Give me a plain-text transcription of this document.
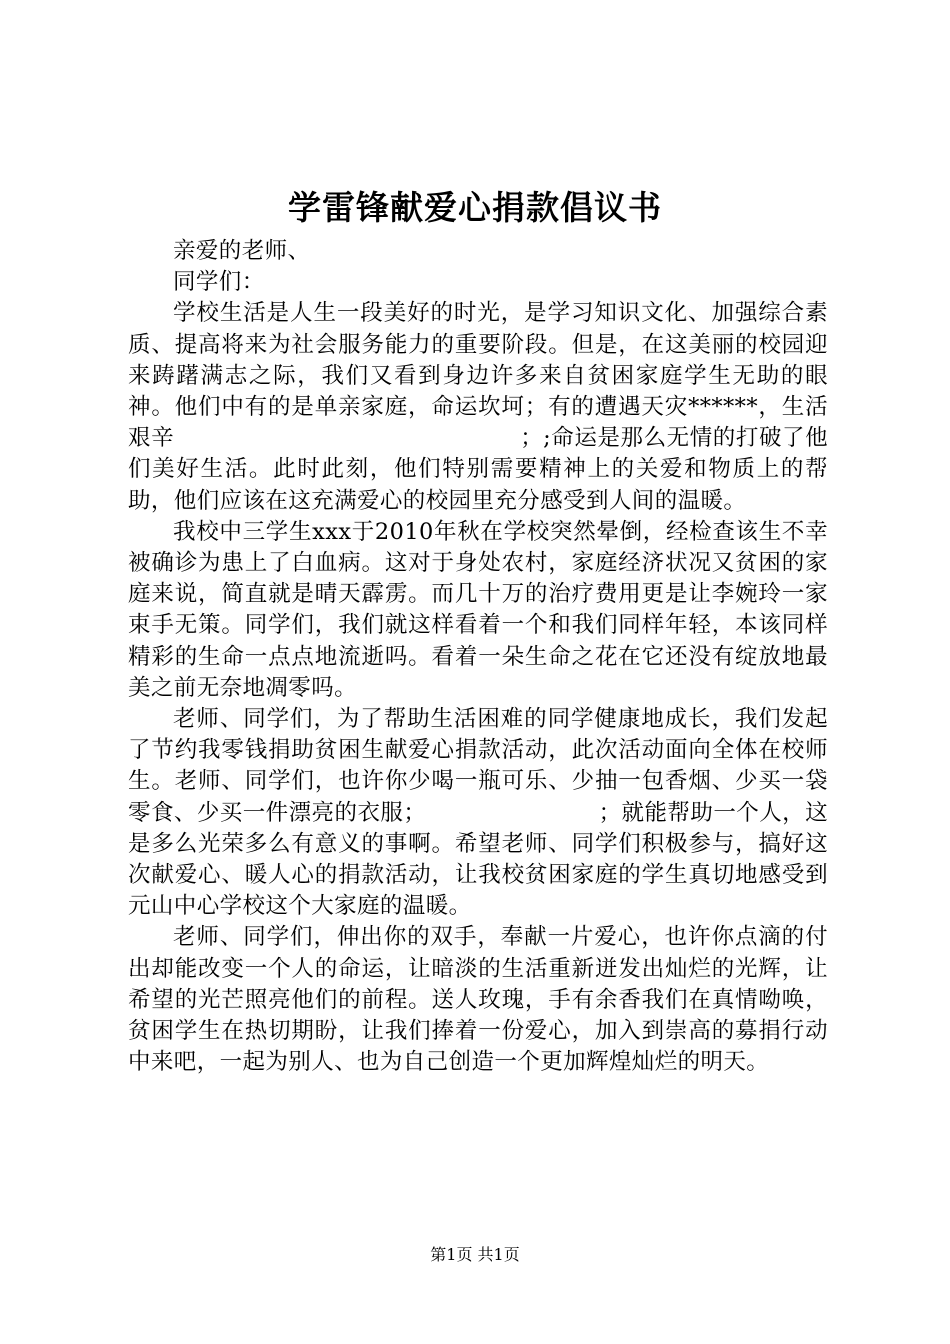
学雷锋献爱心捐款倡议书

亲爱的老师、

同学们：

学校生活是人生一段美好的时光，是学习知识文化、加强综合素质、提高将来为社会服务能力的重要阶段。但是，在这美丽的校园迎来踌躇满志之际，我们又看到身边许多来自贫困家庭学生无助的眼神。他们中有的是单亲家庭，命运坎坷；有的遭遇天灾******，生活艰辛　　　　　　　　　　　　　　　；;命运是那么无情的打破了他们美好生活。此时此刻，他们特别需要精神上的关爱和物质上的帮助，他们应该在这充满爱心的校园里充分感受到人间的温暖。

我校中三学生xxx于2010年秋在学校突然晕倒，经检查该生不幸被确诊为患上了白血病。这对于身处农村，家庭经济状况又贫困的家庭来说，简直就是晴天霹雳。而几十万的治疗费用更是让李婉玲一家束手无策。同学们，我们就这样看着一个和我们同样年轻，本该同样精彩的生命一点点地流逝吗。看着一朵生命之花在它还没有绽放地最美之前无奈地凋零吗。

老师、同学们，为了帮助生活困难的同学健康地成长，我们发起了节约我零钱捐助贫困生献爱心捐款活动，此次活动面向全体在校师生。老师、同学们，也许你少喝一瓶可乐、少抽一包香烟、少买一袋零食、少买一件漂亮的衣服；　　　　　　　　；就能帮助一个人，这是多么光荣多么有意义的事啊。希望老师、同学们积极参与，搞好这次献爱心、暖人心的捐款活动，让我校贫困家庭的学生真切地感受到元山中心学校这个大家庭的温暖。

老师、同学们，伸出你的双手，奉献一片爱心，也许你点滴的付出却能改变一个人的命运，让暗淡的生活重新迸发出灿烂的光辉，让希望的光芒照亮他们的前程。送人玫瑰，手有余香我们在真情呦唤，贫困学生在热切期盼，让我们捧着一份爱心，加入到崇高的募捐行动中来吧，一起为别人、也为自己创造一个更加辉煌灿烂的明天。

第1页 共1页
